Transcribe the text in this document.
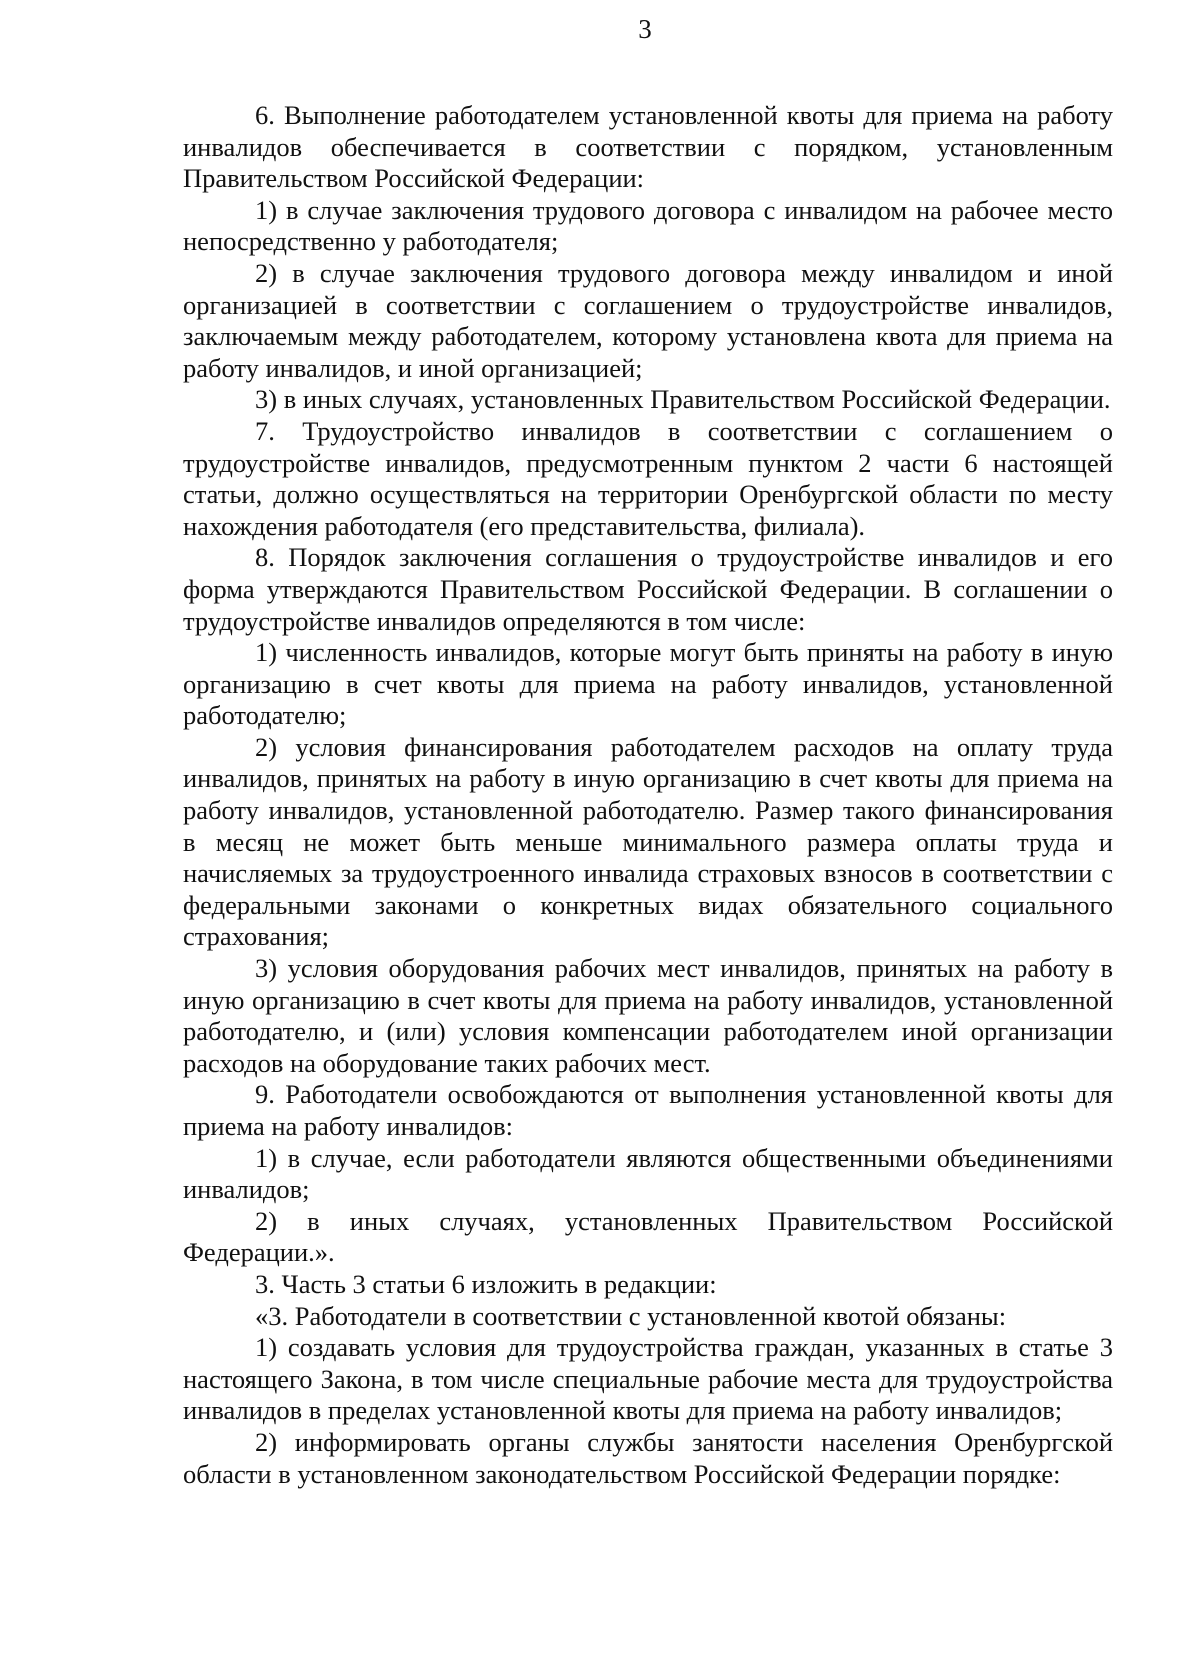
3

6. Выполнение работодателем установленной квоты для приема на работу инвалидов обеспечивается в соответствии с порядком, установленным Правительством Российской Федерации:

1) в случае заключения трудового договора с инвалидом на рабочее место непосредственно у работодателя;

2) в случае заключения трудового договора между инвалидом и иной организацией в соответствии с соглашением о трудоустройстве инвалидов, заключаемым между работодателем, которому установлена квота для приема на работу инвалидов, и иной организацией;

3) в иных случаях, установленных Правительством Российской Федерации.

7. Трудоустройство инвалидов в соответствии с соглашением о трудоустройстве инвалидов, предусмотренным пунктом 2 части 6 настоящей статьи, должно осуществляться на территории Оренбургской области по месту нахождения работодателя (его представительства, филиала).

8. Порядок заключения соглашения о трудоустройстве инвалидов и его форма утверждаются Правительством Российской Федерации. В соглашении о трудоустройстве инвалидов определяются в том числе:

1) численность инвалидов, которые могут быть приняты на работу в иную организацию в счет квоты для приема на работу инвалидов, установленной работодателю;

2) условия финансирования работодателем расходов на оплату труда инвалидов, принятых на работу в иную организацию в счет квоты для приема на работу инвалидов, установленной работодателю. Размер такого финансирования в месяц не может быть меньше минимального размера оплаты труда и начисляемых за трудоустроенного инвалида страховых взносов в соответствии с федеральными законами о конкретных видах обязательного социального страхования;

3) условия оборудования рабочих мест инвалидов, принятых на работу в иную организацию в счет квоты для приема на работу инвалидов, установленной работодателю, и (или) условия компенсации работодателем иной организации расходов на оборудование таких рабочих мест.

9. Работодатели освобождаются от выполнения установленной квоты для приема на работу инвалидов:

1) в случае, если работодатели являются общественными объединениями инвалидов;

2) в иных случаях, установленных Правительством Российской Федерации.».

3. Часть 3 статьи 6 изложить в редакции:

«3. Работодатели в соответствии с установленной квотой обязаны:

1) создавать условия для трудоустройства граждан, указанных в статье 3 настоящего Закона, в том числе специальные рабочие места для трудоустройства инвалидов в пределах установленной квоты для приема на работу инвалидов;

2) информировать органы службы занятости населения Оренбургской области в установленном законодательством Российской Федерации порядке:
